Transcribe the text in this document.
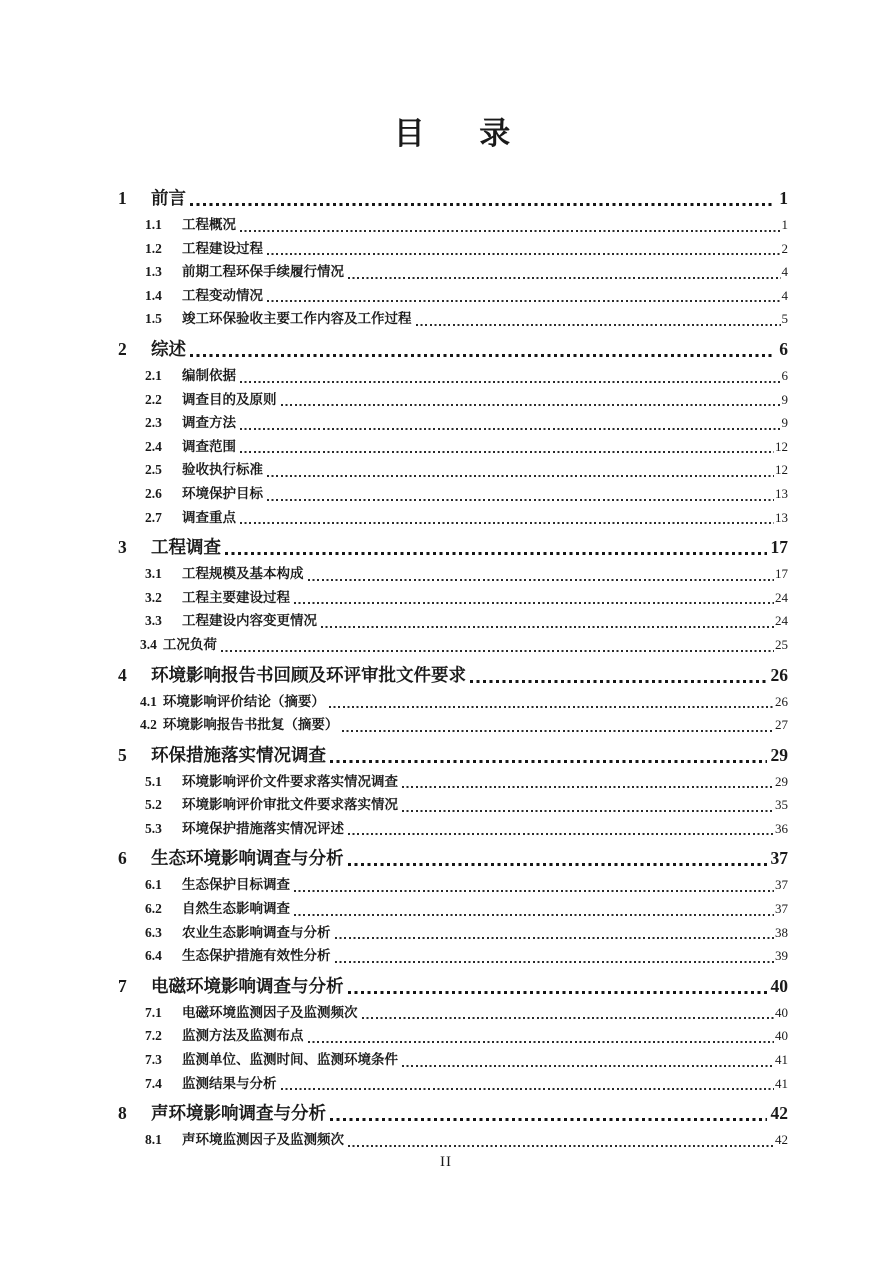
目　  录
1	前言	1
1.1	工程概况	1
1.2	工程建设过程	2
1.3	前期工程环保手续履行情况	4
1.4	工程变动情况	4
1.5	竣工环保验收主要工作内容及工作过程	5
2	综述	6
2.1	编制依据	6
2.2	调查目的及原则	9
2.3	调查方法	9
2.4	调查范围	12
2.5	验收执行标准	12
2.6	环境保护目标	13
2.7	调查重点	13
3	工程调查	17
3.1	工程规模及基本构成	17
3.2	工程主要建设过程	24
3.3	工程建设内容变更情况	24
3.4 工况负荷	25
4	环境影响报告书回顾及环评审批文件要求	26
4.1 环境影响评价结论（摘要）	26
4.2 环境影响报告书批复（摘要）	27
5	环保措施落实情况调查	29
5.1	环境影响评价文件要求落实情况调查	29
5.2	环境影响评价审批文件要求落实情况	35
5.3	环境保护措施落实情况评述	36
6	生态环境影响调查与分析	37
6.1	生态保护目标调查	37
6.2	自然生态影响调查	37
6.3	农业生态影响调查与分析	38
6.4	生态保护措施有效性分析	39
7	电磁环境影响调查与分析	40
7.1	电磁环境监测因子及监测频次	40
7.2	监测方法及监测布点	40
7.3	监测单位、监测时间、监测环境条件	41
7.4	监测结果与分析	41
8	声环境影响调查与分析	42
8.1	声环境监测因子及监测频次	42
II
